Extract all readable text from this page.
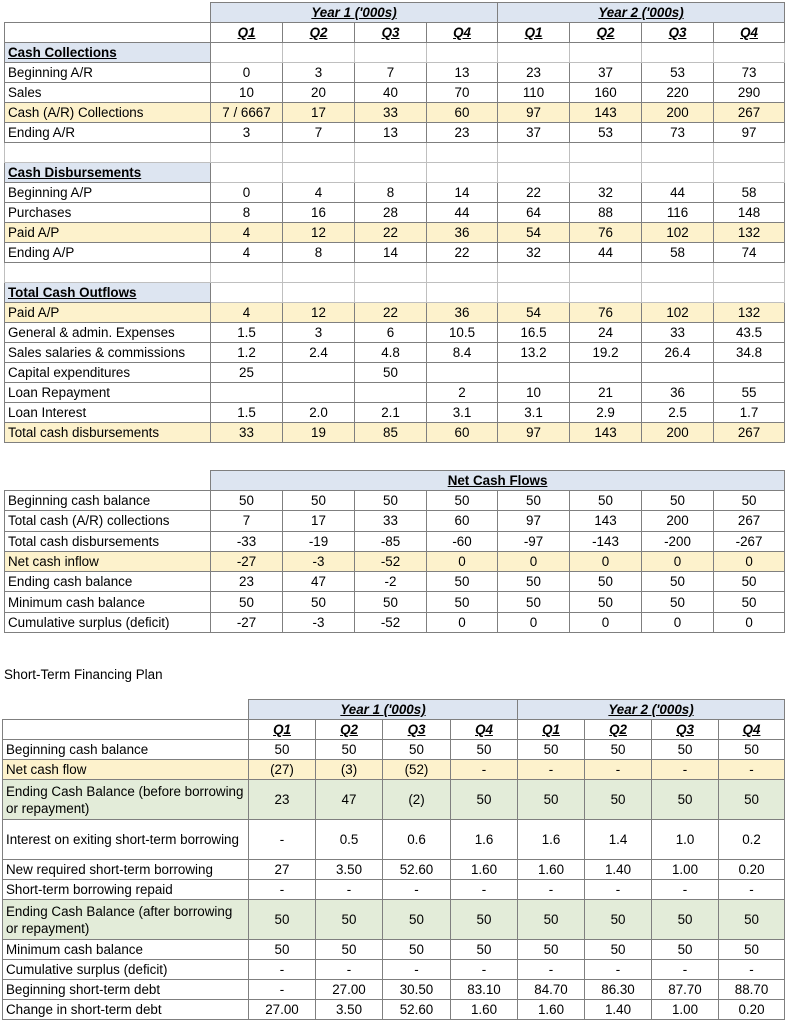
	Year 1 ('000s)				Year 2 ('000s)			
	Q1	Q2	Q3	Q4	Q1	Q2	Q3	Q4
Cash Collections								
Beginning A/R	0	3	7	13	23	37	53	73
Sales	10	20	40	70	110	160	220	290
Cash (A/R) Collections	7 / 6667	17	33	60	97	143	200	267
Ending A/R	3	7	13	23	37	53	73	97

Cash Disbursements								
Beginning A/P	0	4	8	14	22	32	44	58
Purchases	8	16	28	44	64	88	116	148
Paid A/P	4	12	22	36	54	76	102	132
Ending A/P	4	8	14	22	32	44	58	74

Total Cash Outflows								
Paid A/P	4	12	22	36	54	76	102	132
General & admin. Expenses	1.5	3	6	10.5	16.5	24	33	43.5
Sales salaries & commissions	1.2	2.4	4.8	8.4	13.2	19.2	26.4	34.8
Capital expenditures	25		50					
Loan Repayment				2	10	21	36	55
Loan Interest	1.5	2.0	2.1	3.1	3.1	2.9	2.5	1.7
Total cash disbursements	33	19	85	60	97	143	200	267
	Net Cash Flows							
Beginning cash balance	50	50	50	50	50	50	50	50
Total cash (A/R) collections	7	17	33	60	97	143	200	267
Total cash disbursements	-33	-19	-85	-60	-97	-143	-200	-267
Net cash inflow	-27	-3	-52	0	0	0	0	0
Ending cash balance	23	47	-2	50	50	50	50	50
Minimum cash balance	50	50	50	50	50	50	50	50
Cumulative surplus (deficit)	-27	-3	-52	0	0	0	0	0
Short-Term Financing Plan
	Year 1 ('000s)				Year 2 ('000s)			
	Q1	Q2	Q3	Q4	Q1	Q2	Q3	Q4
Beginning cash balance	50	50	50	50	50	50	50	50
Net cash flow	(27)	(3)	(52)	-	-	-	-	-
Ending Cash Balance (before borrowing or repayment)	23	47	(2)	50	50	50	50	50
Interest on exiting short-term borrowing	-	0.5	0.6	1.6	1.6	1.4	1.0	0.2
New required short-term borrowing	27	3.50	52.60	1.60	1.60	1.40	1.00	0.20
Short-term borrowing repaid	-	-	-	-	-	-	-	-
Ending Cash Balance (after borrowing or repayment)	50	50	50	50	50	50	50	50
Minimum cash balance	50	50	50	50	50	50	50	50
Cumulative surplus (deficit)	-	-	-	-	-	-	-	-
Beginning short-term debt	-	27.00	30.50	83.10	84.70	86.30	87.70	88.70
Change in short-term debt	27.00	3.50	52.60	1.60	1.60	1.40	1.00	0.20
